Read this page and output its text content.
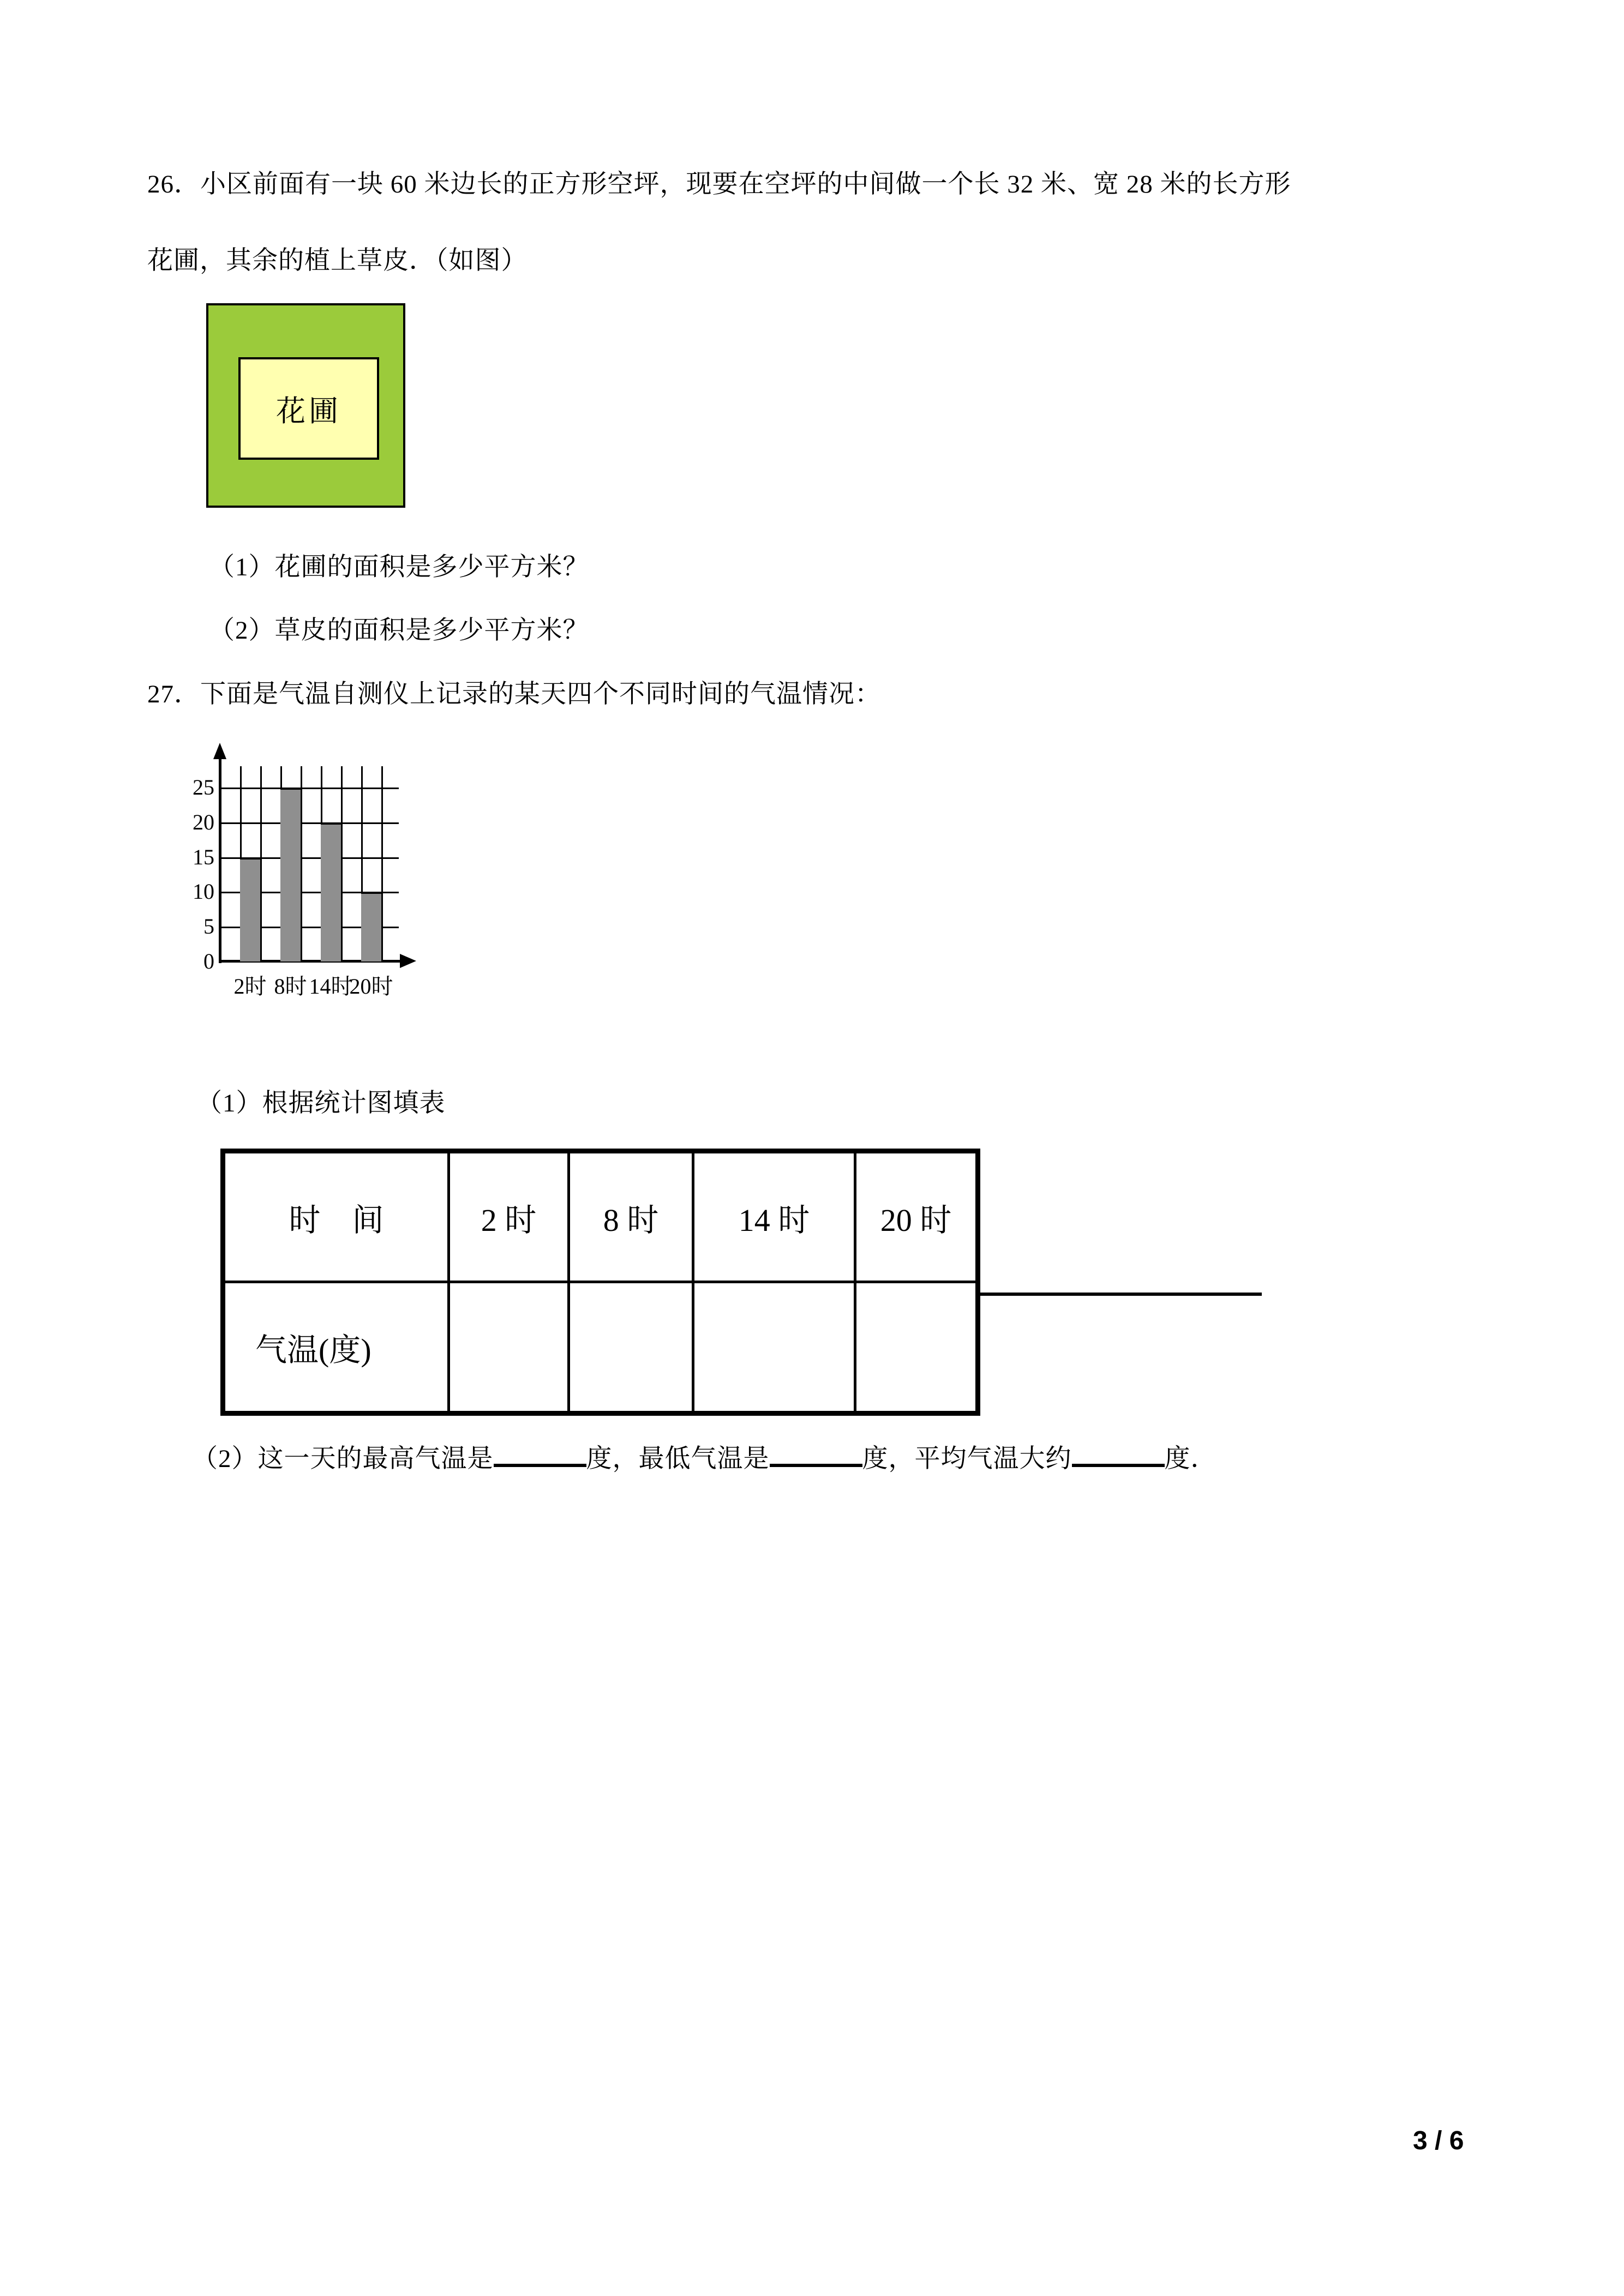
26．小区前面有一块 60 米边长的正方形空坪，现要在空坪的中间做一个长 32 米、宽 28 米的长方形
花圃，其余的植上草皮．（如图）
花圃
（1）花圃的面积是多少平方米？
（2）草皮的面积是多少平方米？
27．下面是气温自测仪上记录的某天四个不同时间的气温情况：
0
5
10
15
20
25
2时 8时 14时
20时
（1）根据统计图填表
时　间	2 时	8 时	14 时	20 时
气温(度)				
（2）这一天的最高气温是	度，最低气温是	度，平均气温大约	度．
3 / 6
